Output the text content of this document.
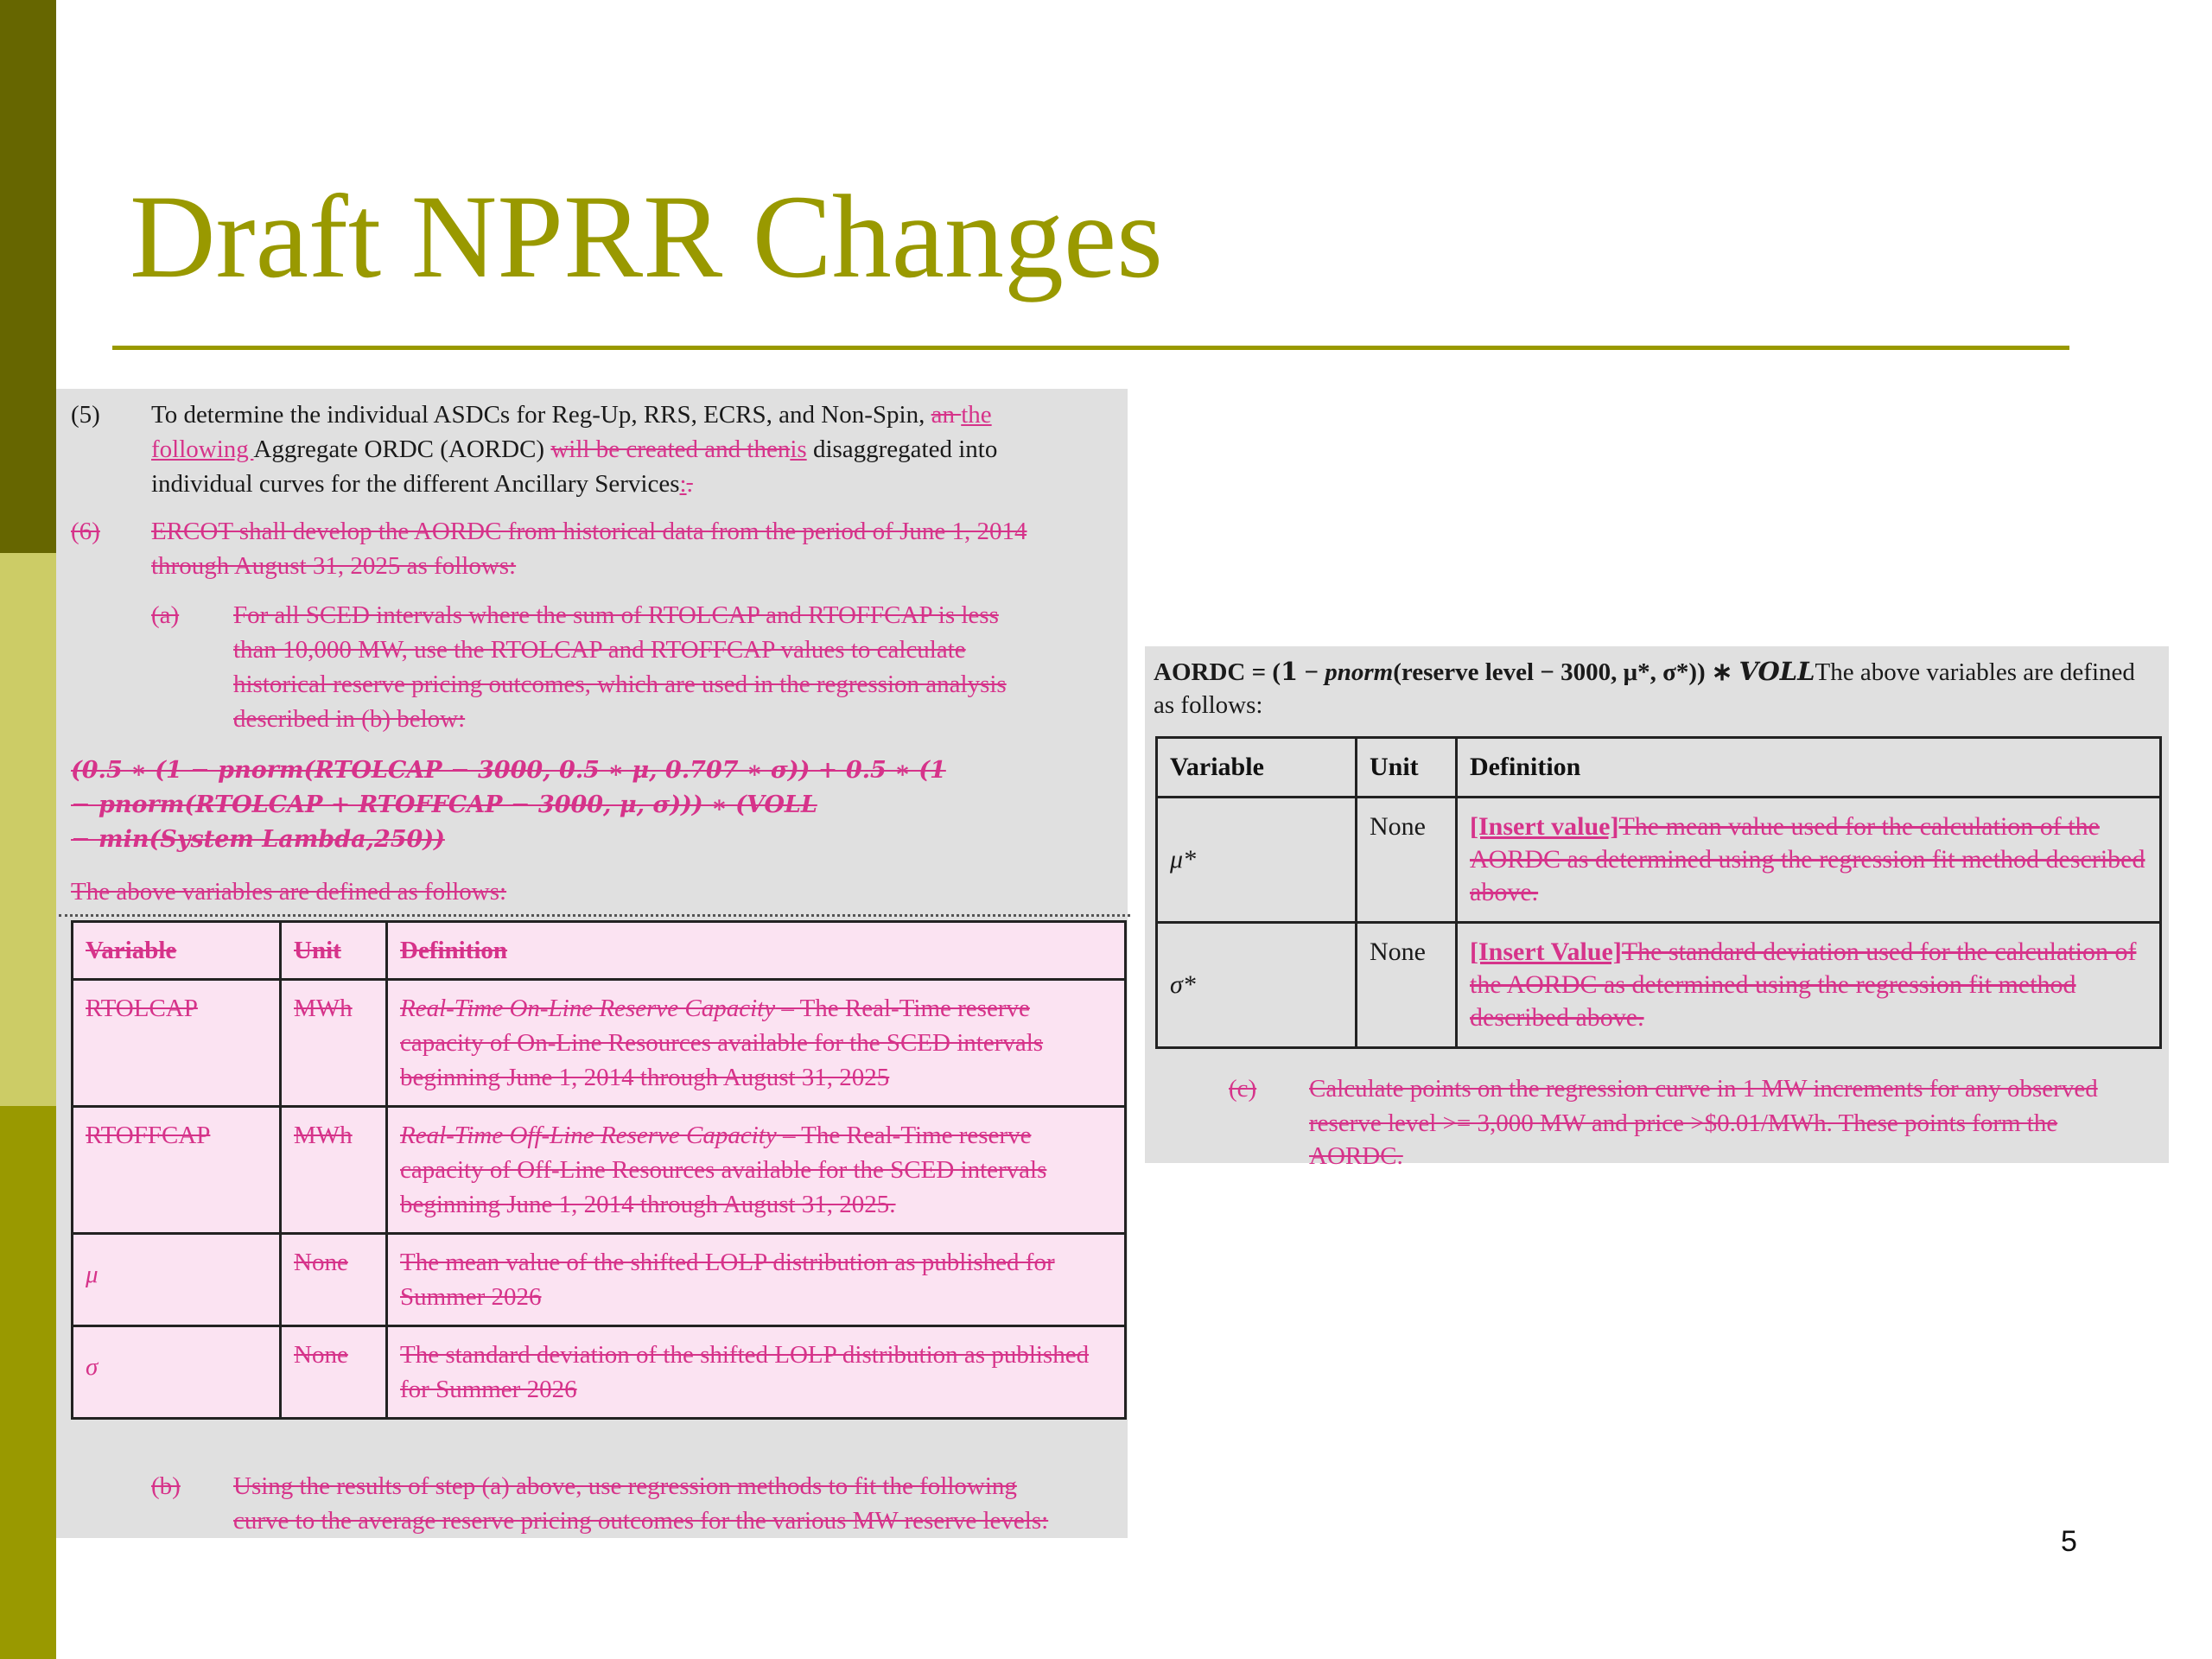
Draft NPRR Changes
(5) To determine the individual ASDCs for Reg-Up, RRS, ECRS, and Non-Spin, an the
following Aggregate ORDC (AORDC) will be created and thenis disaggregated into
individual curves for the different Ancillary Services:.
(6) ERCOT shall develop the AORDC from historical data from the period of June 1, 2014
through August 31, 2025 as follows:
(a) For all SCED intervals where the sum of RTOLCAP and RTOFFCAP is less
than 10,000 MW, use the RTOLCAP and RTOFFCAP values to calculate
historical reserve pricing outcomes, which are used in the regression analysis
described in (b) below:
(0.5 ∗ (1 − pnorm(RTOLCAP − 3000, 0.5 ∗ μ, 0.707 ∗ σ)) + 0.5 ∗ (1
− pnorm(RTOLCAP + RTOFFCAP − 3000, μ, σ))) ∗ (VOLL
− min(System Lambda,250))
The above variables are defined as follows:
Variable	Unit	Definition
RTOLCAP	MWh	Real-Time On-Line Reserve Capacity – The Real-Time reserve capacity of On-Line Resources available for the SCED intervals beginning June 1, 2014 through August 31, 2025
RTOFFCAP	MWh	Real-Time Off-Line Reserve Capacity – The Real-Time reserve capacity of Off-Line Resources available for the SCED intervals beginning June 1, 2014 through August 31, 2025.
μ	None	The mean value of the shifted LOLP distribution as published for Summer 2026
σ	None	The standard deviation of the shifted LOLP distribution as published for Summer 2026
(b) Using the results of step (a) above, use regression methods to fit the following
curve to the average reserve pricing outcomes for the various MW reserve levels:
AORDC = (1 − pnorm(reserve level − 3000, μ*, σ*)) ∗ VOLLThe above variables are defined as follows:
Variable	Unit	Definition
μ*	None	[Insert value]The mean value used for the calculation of the AORDC as determined using the regression fit method described above.
σ*	None	[Insert Value]The standard deviation used for the calculation of the AORDC as determined using the regression fit method described above.
(c) Calculate points on the regression curve in 1 MW increments for any observed
reserve level >= 3,000 MW and price >$0.01/MWh. These points form the
AORDC.
5
